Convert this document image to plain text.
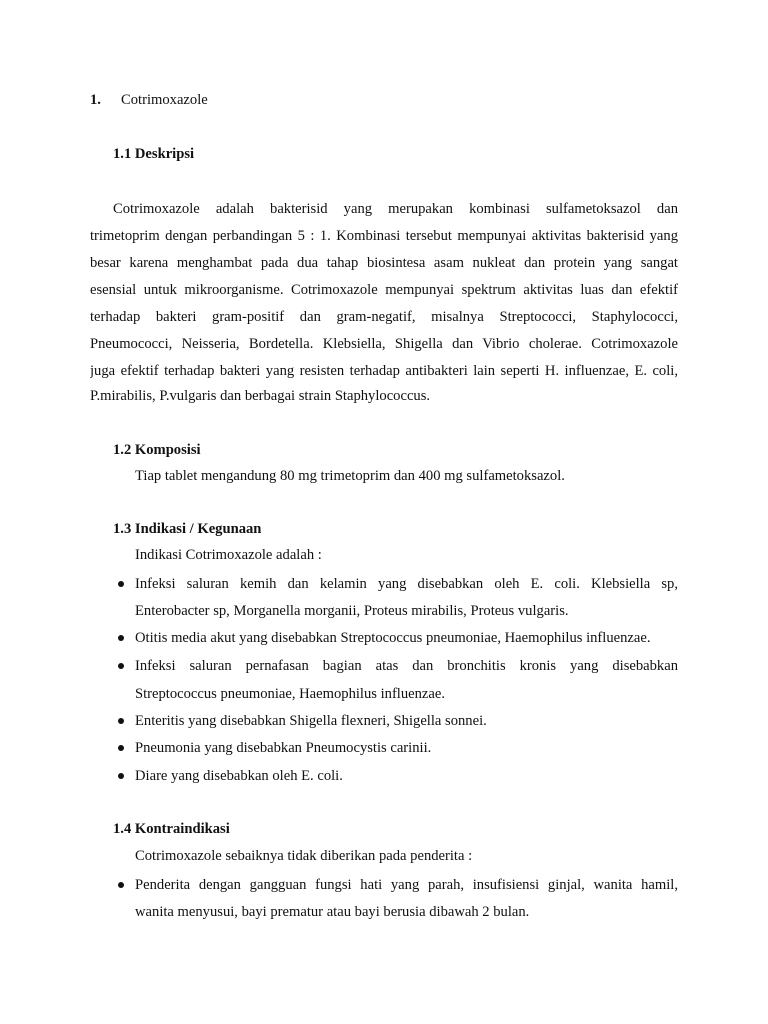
1. Cotrimoxazole
1.1 Deskripsi
Cotrimoxazole adalah bakterisid yang merupakan kombinasi sulfametoksazol dan
trimetoprim dengan perbandingan 5 : 1. Kombinasi tersebut mempunyai aktivitas bakterisid yang
besar karena menghambat pada dua tahap biosintesa asam nukleat dan protein yang sangat
esensial untuk mikroorganisme. Cotrimoxazole mempunyai spektrum aktivitas luas dan efektif
terhadap bakteri gram-positif dan gram-negatif, misalnya Streptococci, Staphylococci,
Pneumococci, Neisseria, Bordetella. Klebsiella, Shigella dan Vibrio cholerae. Cotrimoxazole
juga efektif terhadap bakteri yang resisten terhadap antibakteri lain seperti H. influenzae, E. coli,
P.mirabilis, P.vulgaris dan berbagai strain Staphylococcus.
1.2 Komposisi
Tiap tablet mengandung 80 mg trimetoprim dan 400 mg sulfametoksazol.
1.3 Indikasi / Kegunaan
Indikasi Cotrimoxazole adalah :
Infeksi saluran kemih dan kelamin yang disebabkan oleh E. coli. Klebsiella sp,
Enterobacter sp, Morganella morganii, Proteus mirabilis, Proteus vulgaris.
Otitis media akut yang disebabkan Streptococcus pneumoniae, Haemophilus influenzae.
Infeksi saluran pernafasan bagian atas dan bronchitis kronis yang disebabkan
Streptococcus pneumoniae, Haemophilus influenzae.
Enteritis yang disebabkan Shigella flexneri, Shigella sonnei.
Pneumonia yang disebabkan Pneumocystis carinii.
Diare yang disebabkan oleh E. coli.
1.4 Kontraindikasi
Cotrimoxazole sebaiknya tidak diberikan pada penderita :
Penderita dengan gangguan fungsi hati yang parah, insufisiensi ginjal, wanita hamil,
wanita menyusui, bayi prematur atau bayi berusia dibawah 2 bulan.
